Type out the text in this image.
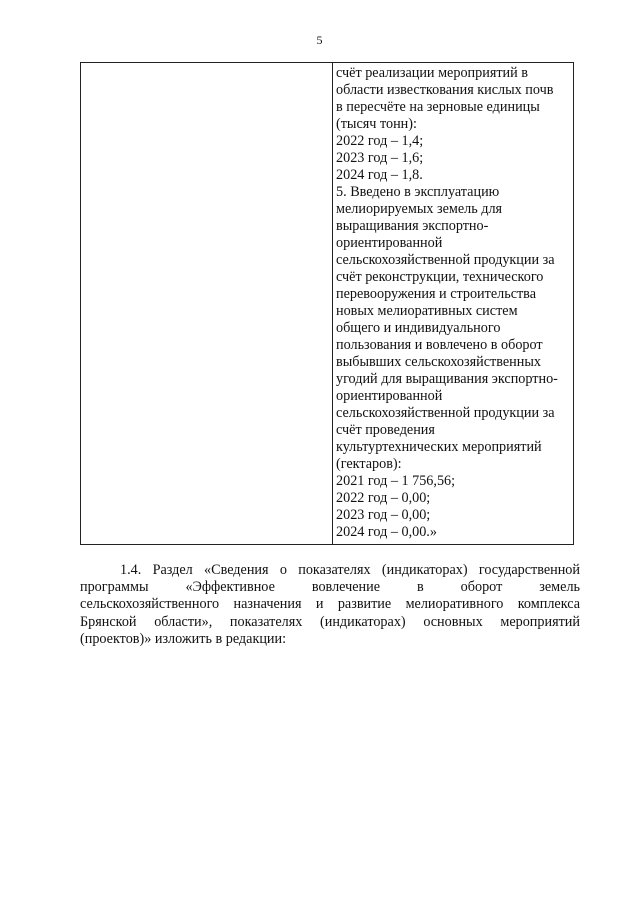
5
счёт реализации мероприятий в
области известкования кислых почв
в пересчёте на зерновые единицы
(тысяч тонн):
2022 год – 1,4;
2023 год – 1,6;
2024 год – 1,8.
5. Введено в эксплуатацию
мелиорируемых земель для
выращивания экспортно-
ориентированной
сельскохозяйственной продукции за
счёт реконструкции, технического
перевооружения и строительства
новых мелиоративных систем
общего и индивидуального
пользования и вовлечено в оборот
выбывших сельскохозяйственных
угодий для выращивания экспортно-
ориентированной
сельскохозяйственной продукции за
счёт проведения
культуртехнических мероприятий
(гектаров):
2021 год – 1 756,56;
2022 год – 0,00;
2023 год – 0,00;
2024 год – 0,00.»
1.4. Раздел «Сведения о показателях (индикаторах) государственной
программы «Эффективное вовлечение в оборот земель
сельскохозяйственного назначения и развитие мелиоративного комплекса
Брянской области», показателях (индикаторах) основных мероприятий
(проектов)» изложить в редакции:
